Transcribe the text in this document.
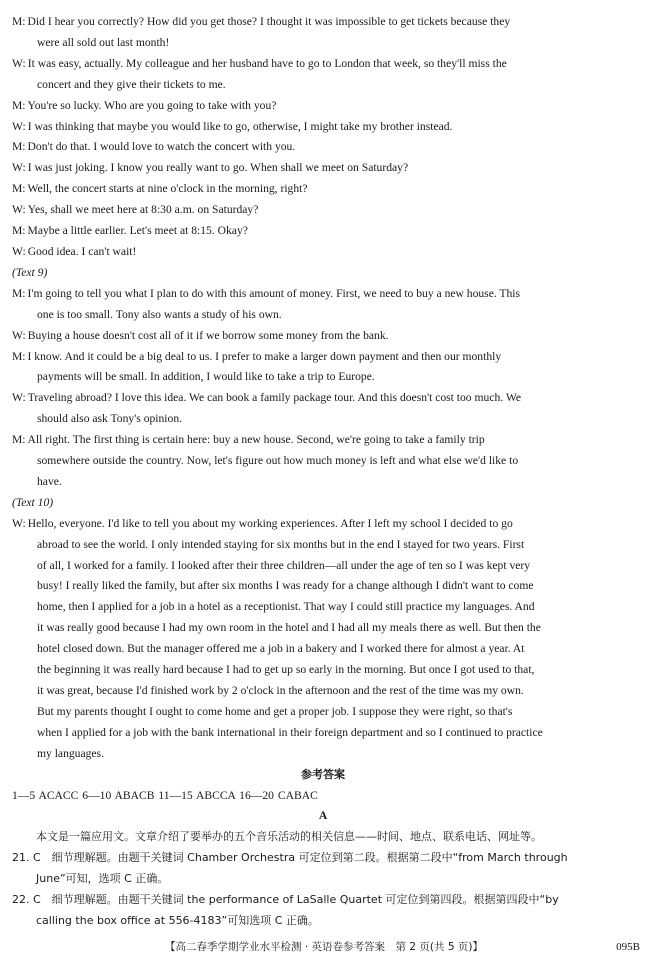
M: Did I hear you correctly? How did you get those? I thought it was impossible to get tickets because they
were all sold out last month!
W: It was easy, actually. My colleague and her husband have to go to London that week, so they'll miss the
concert and they give their tickets to me.
M: You're so lucky. Who are you going to take with you?
W: I was thinking that maybe you would like to go, otherwise, I might take my brother instead.
M: Don't do that. I would love to watch the concert with you.
W: I was just joking. I know you really want to go. When shall we meet on Saturday?
M: Well, the concert starts at nine o'clock in the morning, right?
W: Yes, shall we meet here at 8:30 a.m. on Saturday?
M: Maybe a little earlier. Let's meet at 8:15. Okay?
W: Good idea. I can't wait!
(Text 9)
M: I'm going to tell you what I plan to do with this amount of money. First, we need to buy a new house. This
one is too small. Tony also wants a study of his own.
W: Buying a house doesn't cost all of it if we borrow some money from the bank.
M: I know. And it could be a big deal to us. I prefer to make a larger down payment and then our monthly
payments will be small. In addition, I would like to take a trip to Europe.
W: Traveling abroad? I love this idea. We can book a family package tour. And this doesn't cost too much. We
should also ask Tony's opinion.
M: All right. The first thing is certain here: buy a new house. Second, we're going to take a family trip
somewhere outside the country. Now, let's figure out how much money is left and what else we'd like to
have.
(Text 10)
W: Hello, everyone. I'd like to tell you about my working experiences. After I left my school I decided to go
abroad to see the world. I only intended staying for six months but in the end I stayed for two years. First
of all, I worked for a family. I looked after their three children—all under the age of ten so I was kept very
busy! I really liked the family, but after six months I was ready for a change although I didn't want to come
home, then I applied for a job in a hotel as a receptionist. That way I could still practice my languages. And
it was really good because I had my own room in the hotel and I had all my meals there as well. But then the
hotel closed down. But the manager offered me a job in a bakery and I worked there for almost a year. At
the beginning it was really hard because I had to get up so early in the morning. But once I got used to that,
it was great, because I'd finished work by 2 o'clock in the afternoon and the rest of the time was my own.
But my parents thought I ought to come home and get a proper job. I suppose they were right, so that's
when I applied for a job with the bank international in their foreign department and so I continued to practice
my languages.
参考答案
1—5 ACACC 6—10 ABACB 11—15 ABCCA 16—20 CABAC
A
本文是一篇应用文。文章介绍了要举办的五个音乐活动的相关信息——时间、地点、联系电话、网址等。
21. C　细节理解题。由题干关键词 Chamber Orchestra 可定位到第二段。根据第二段中“from March through
June”可知，选项 C 正确。
22. C　细节理解题。由题干关键词 the performance of LaSalle Quartet 可定位到第四段。根据第四段中“by
calling the box office at 556-4183”可知选项 C 正确。
【高二春季学期学业水平检测 · 英语卷参考答案　第 2 页(共 5 页)】	095B
